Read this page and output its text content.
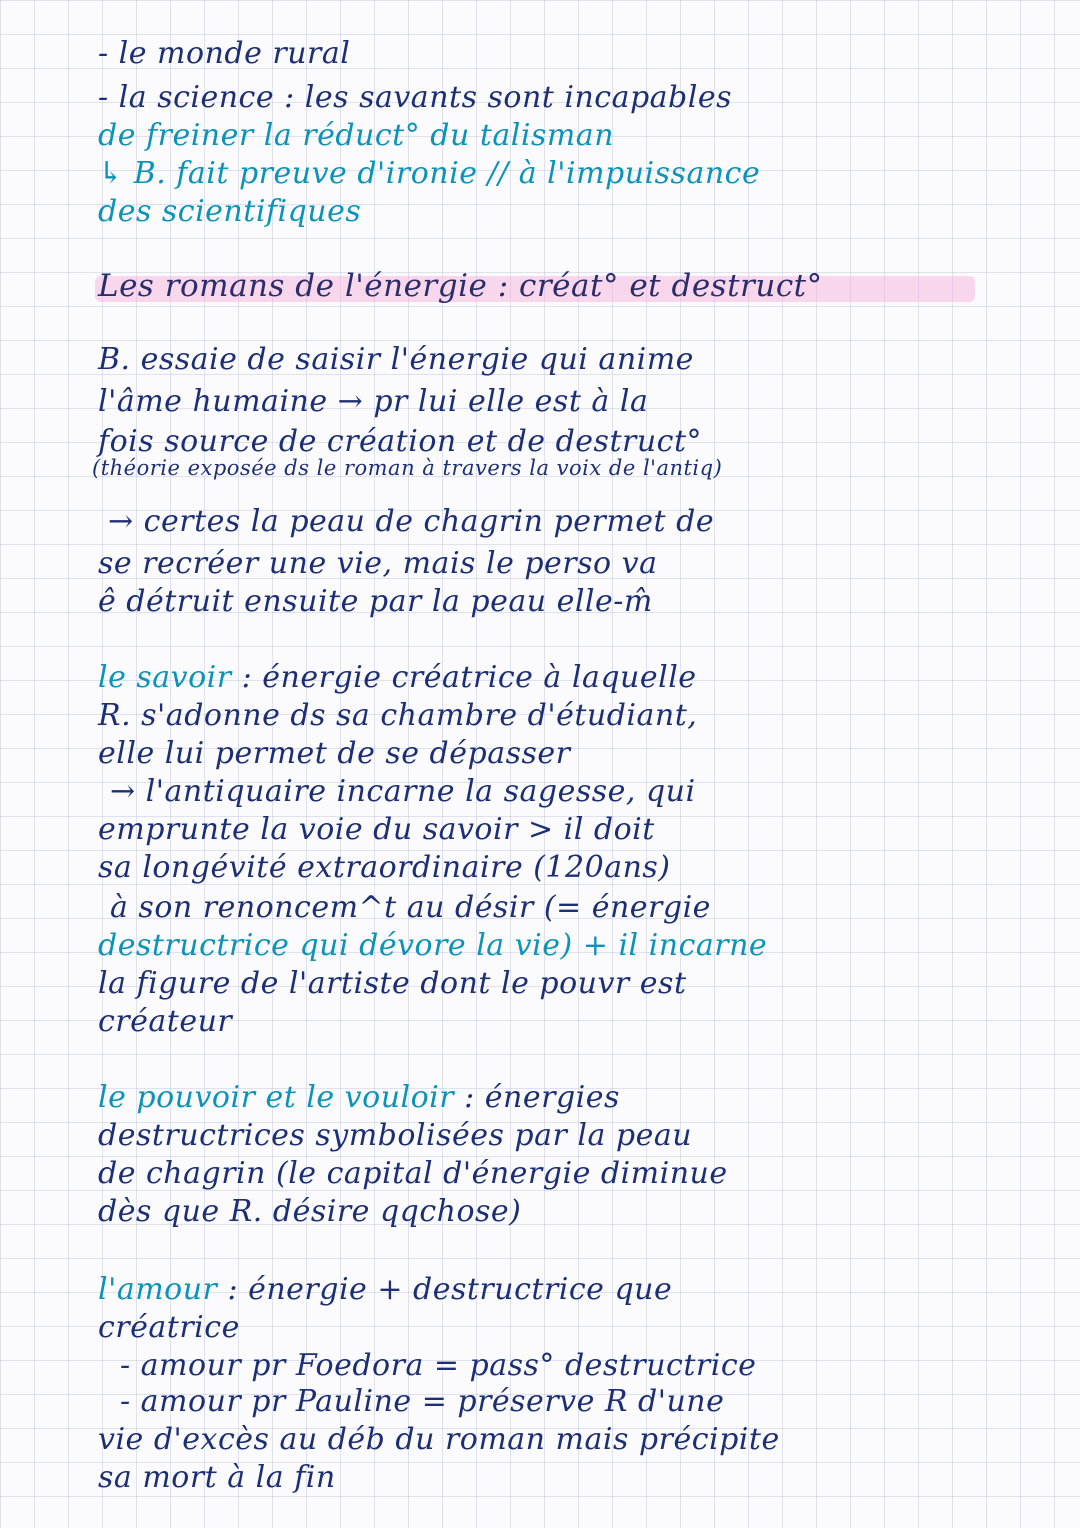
- le monde rural
- la science : les savants sont incapables
de freiner la réduct° du talisman
↳ B. fait preuve d'ironie // à l'impuissance
des scientifiques
Les romans de l'énergie : créat° et destruct°
B. essaie de saisir l'énergie qui anime
l'âme humaine → pr lui elle est à la
fois source de création et de destruct°
(théorie exposée ds le roman à travers la voix de l'antiq)
→ certes la peau de chagrin permet de
se recréer une vie, mais le perso va
ê détruit ensuite par la peau elle-m̂
le savoir : énergie créatrice à laquelle
R. s'adonne ds sa chambre d'étudiant,
elle lui permet de se dépasser
→ l'antiquaire incarne la sagesse, qui
emprunte la voie du savoir > il doit
sa longévité extraordinaire (120ans)
à son renoncem^t au désir (= énergie
destructrice qui dévore la vie) + il incarne
la figure de l'artiste dont le pouvr est
créateur
le pouvoir et le vouloir : énergies
destructrices symbolisées par la peau
de chagrin (le capital d'énergie diminue
dès que R. désire qqchose)
l'amour : énergie + destructrice que
créatrice
- amour pr Foedora = pass° destructrice
- amour pr Pauline = préserve R d'une
vie d'excès au déb du roman mais précipite
sa mort à la fin
